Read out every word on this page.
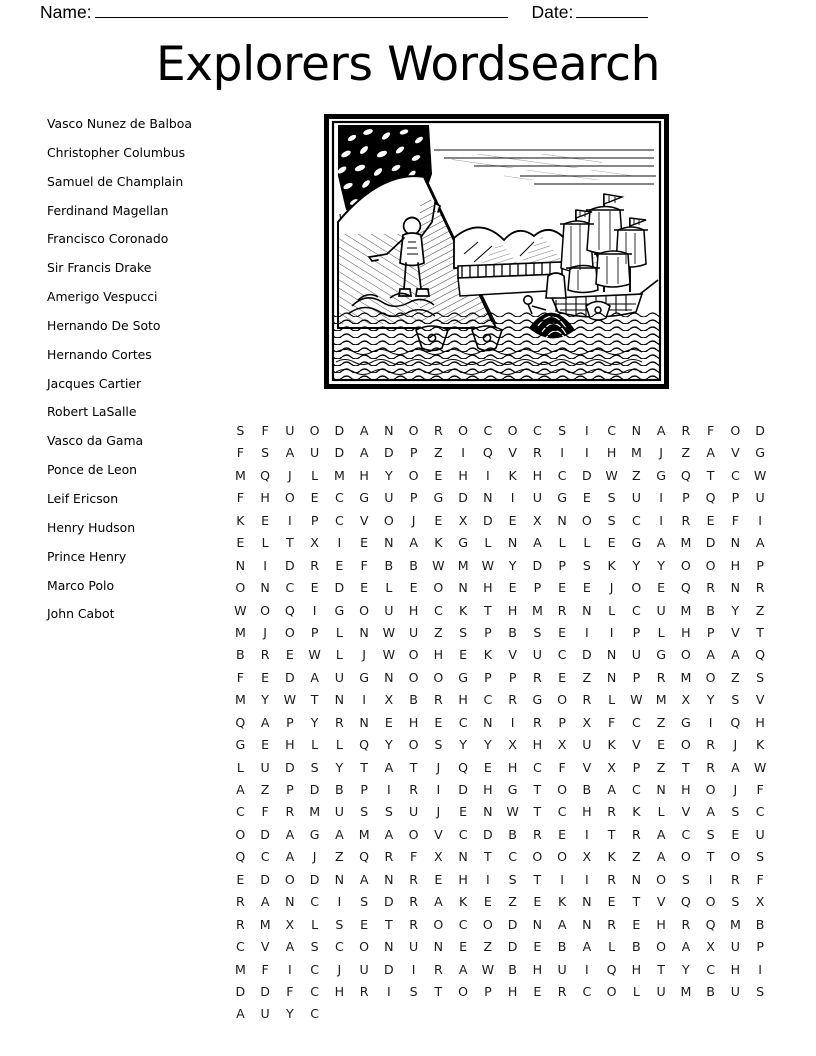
Name:	Date:
Explorers Wordsearch
Vasco Nunez de Balboa
Christopher Columbus
Samuel de Champlain
Ferdinand Magellan
Francisco Coronado
Sir Francis Drake
Amerigo Vespucci
Hernando De Soto
Hernando Cortes
Jacques Cartier
Robert LaSalle
Vasco da Gama
Ponce de Leon
Leif Ericson
Henry Hudson
Prince Henry
Marco Polo
John Cabot
S	F	U	O	D	A	N	O	R	O	C	O	C	S	I	C	N	A	R	F	O	D
F	S	A	U	D	A	D	P	Z	I	Q	V	R	I	I	H	M	J	Z	A	V	G
M	Q	J	L	M	H	Y	O	E	H	I	K	H	C	D	W	Z	G	Q	T	C	W
F	H	O	E	C	G	U	P	G	D	N	I	U	G	E	S	U	I	P	Q	P	U
K	E	I	P	C	V	O	J	E	X	D	E	X	N	O	S	C	I	R	E	F	I
E	L	T	X	I	E	N	A	K	G	L	N	A	L	L	E	G	A	M	D	N	A
N	I	D	R	E	F	B	B	W	M	W	Y	D	P	S	K	Y	Y	O	O	H	P
O	N	C	E	D	E	L	E	O	N	H	E	P	E	E	J	O	E	Q	R	N	R
W	O	Q	I	G	O	U	H	C	K	T	H	M	R	N	L	C	U	M	B	Y	Z
M	J	O	P	L	N	W	U	Z	S	P	B	S	E	I	I	P	L	H	P	V	T
B	R	E	W	L	J	W	O	H	E	K	V	U	C	D	N	U	G	O	A	A	Q
F	E	D	A	U	G	N	O	O	G	P	P	R	E	Z	N	P	R	M	O	Z	S
M	Y	W	T	N	I	X	B	R	H	C	R	G	O	R	L	W	M	X	Y	S	V
Q	A	P	Y	R	N	E	H	E	C	N	I	R	P	X	F	C	Z	G	I	Q	H
G	E	H	L	L	Q	Y	O	S	Y	Y	X	H	X	U	K	V	E	O	R	J	K
L	U	D	S	Y	T	A	T	J	Q	E	H	C	F	V	X	P	Z	T	R	A	W
A	Z	P	D	B	P	I	R	I	D	H	G	T	O	B	A	C	N	H	O	J	F
C	F	R	M	U	S	S	U	J	E	N	W	T	C	H	R	K	L	V	A	S	C
O	D	A	G	A	M	A	O	V	C	D	B	R	E	I	T	R	A	C	S	E	U
Q	C	A	J	Z	Q	R	F	X	N	T	C	O	O	X	K	Z	A	O	T	O	S
E	D	O	D	N	A	N	R	E	H	I	S	T	I	I	R	N	O	S	I	R	F
R	A	N	C	I	S	D	R	A	K	E	Z	E	K	N	E	T	V	Q	O	S	X
R	M	X	L	S	E	T	R	O	C	O	D	N	A	N	R	E	H	R	Q	M	B
C	V	A	S	C	O	N	U	N	E	Z	D	E	B	A	L	B	O	A	X	U	P
M	F	I	C	J	U	D	I	R	A	W	B	H	U	I	Q	H	T	Y	C	H	I
D	D	F	C	H	R	I	S	T	O	P	H	E	R	C	O	L	U	M	B	U	S
A	U	Y	C
